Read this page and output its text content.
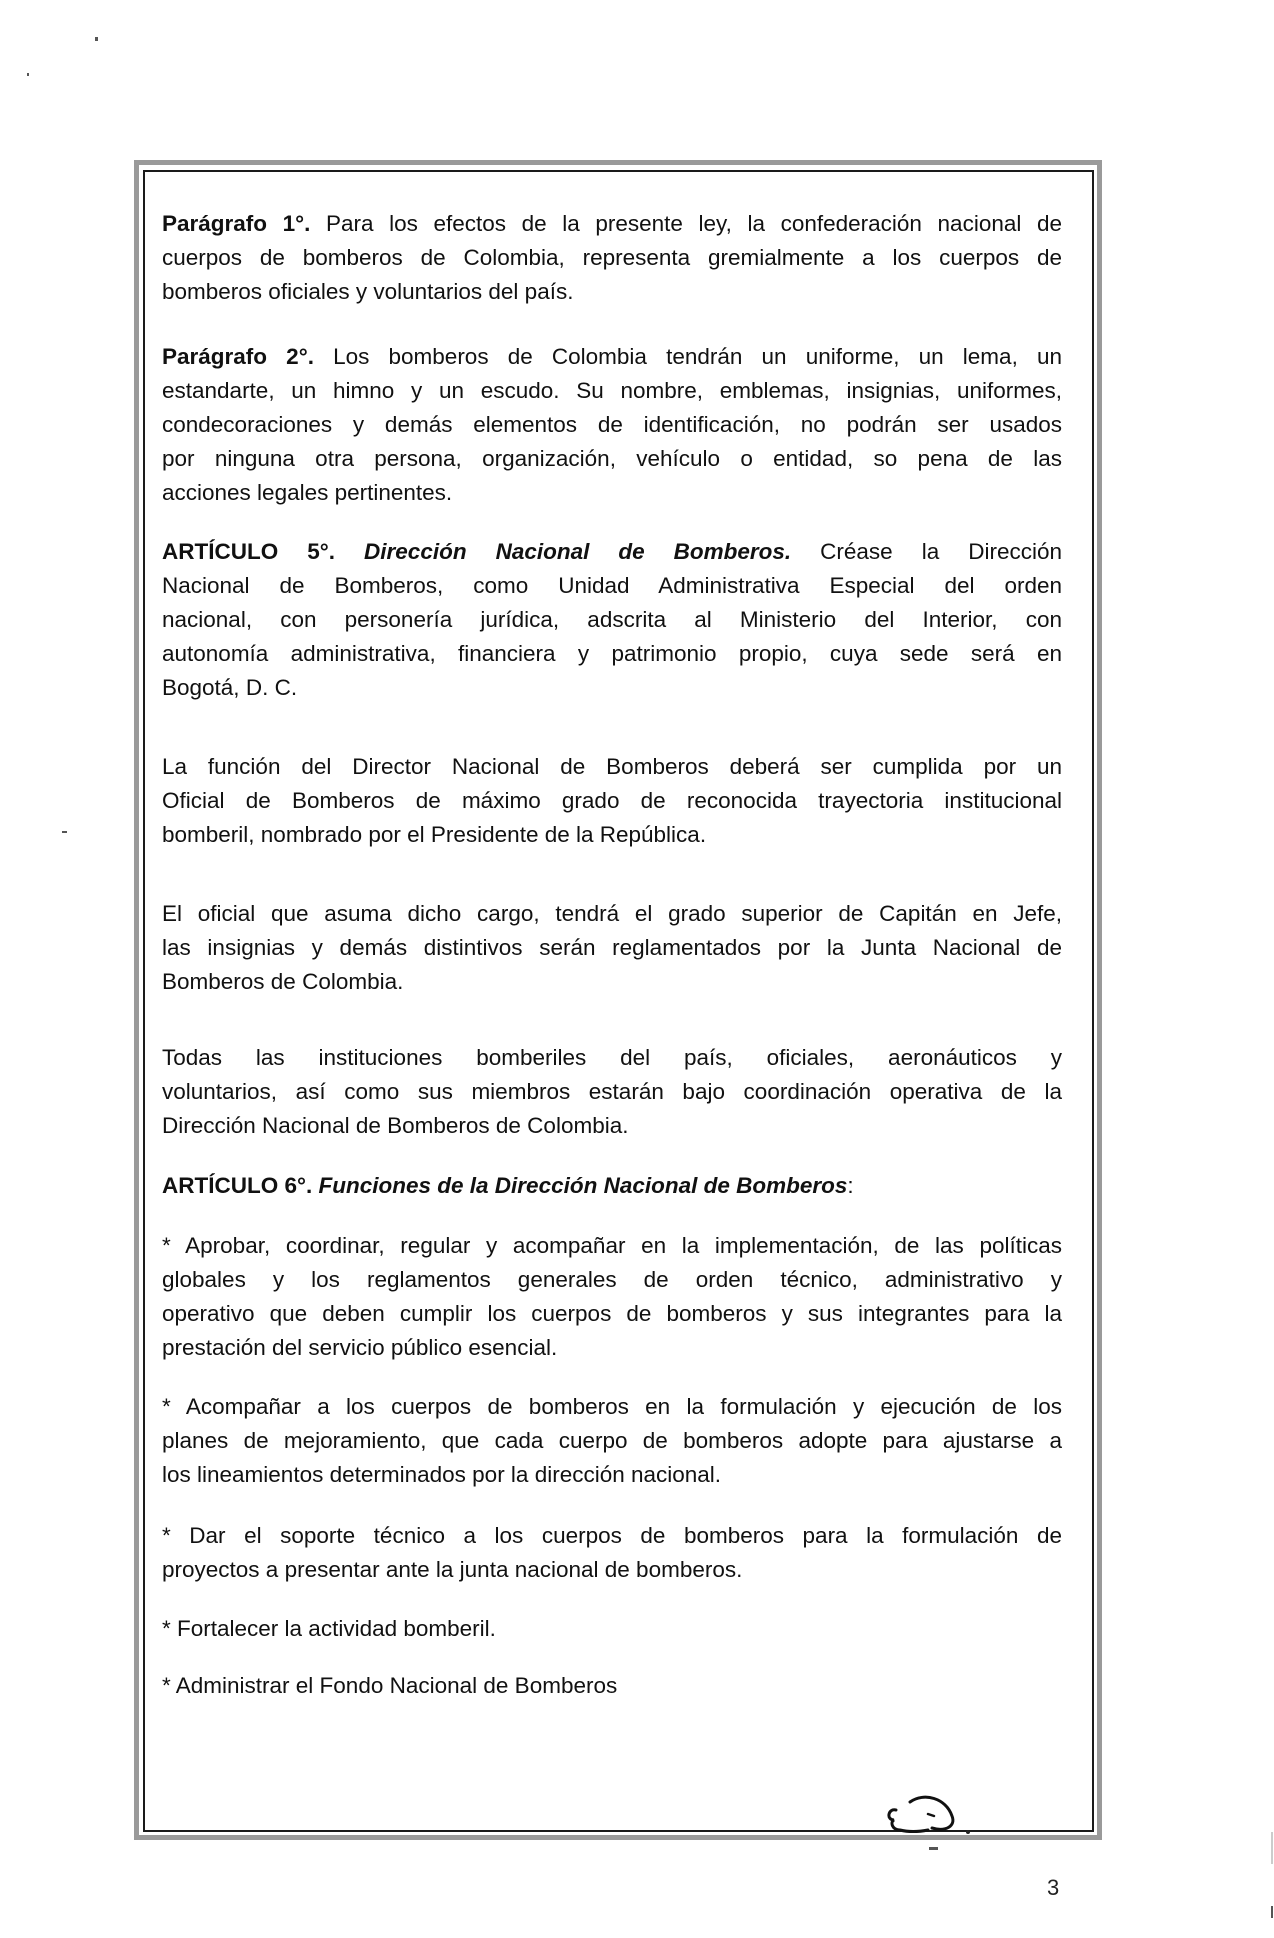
Parágrafo 1°. Para los efectos de la presente ley, la confederación nacional de
cuerpos de bomberos de Colombia, representa gremialmente a los cuerpos de
bomberos oficiales y voluntarios del país.
Parágrafo 2°. Los bomberos de Colombia tendrán un uniforme, un lema, un
estandarte, un himno y un escudo. Su nombre, emblemas, insignias, uniformes,
condecoraciones y demás elementos de identificación, no podrán ser usados
por ninguna otra persona, organización, vehículo o entidad, so pena de las
acciones legales pertinentes.
ARTÍCULO 5°. Dirección Nacional de Bomberos. Créase la Dirección
Nacional de Bomberos, como Unidad Administrativa Especial del orden
nacional, con personería jurídica, adscrita al Ministerio del Interior, con
autonomía administrativa, financiera y patrimonio propio, cuya sede será en
Bogotá, D. C.
La función del Director Nacional de Bomberos deberá ser cumplida por un
Oficial de Bomberos de máximo grado de reconocida trayectoria institucional
bomberil, nombrado por el Presidente de la República.
El oficial que asuma dicho cargo, tendrá el grado superior de Capitán en Jefe,
las insignias y demás distintivos serán reglamentados por la Junta Nacional de
Bomberos de Colombia.
Todas las instituciones bomberiles del país, oficiales, aeronáuticos y
voluntarios, así como sus miembros estarán bajo coordinación operativa de la
Dirección Nacional de Bomberos de Colombia.
ARTÍCULO 6°. Funciones de la Dirección Nacional de Bomberos:
* Aprobar, coordinar, regular y acompañar en la implementación, de las políticas
globales y los reglamentos generales de orden técnico, administrativo y
operativo que deben cumplir los cuerpos de bomberos y sus integrantes para la
prestación del servicio público esencial.
* Acompañar a los cuerpos de bomberos en la formulación y ejecución de los
planes de mejoramiento, que cada cuerpo de bomberos adopte para ajustarse a
los lineamientos determinados por la dirección nacional.
* Dar el soporte técnico a los cuerpos de bomberos para la formulación de
proyectos a presentar ante la junta nacional de bomberos.
* Fortalecer la actividad bomberil.
* Administrar el Fondo Nacional de Bomberos
3
